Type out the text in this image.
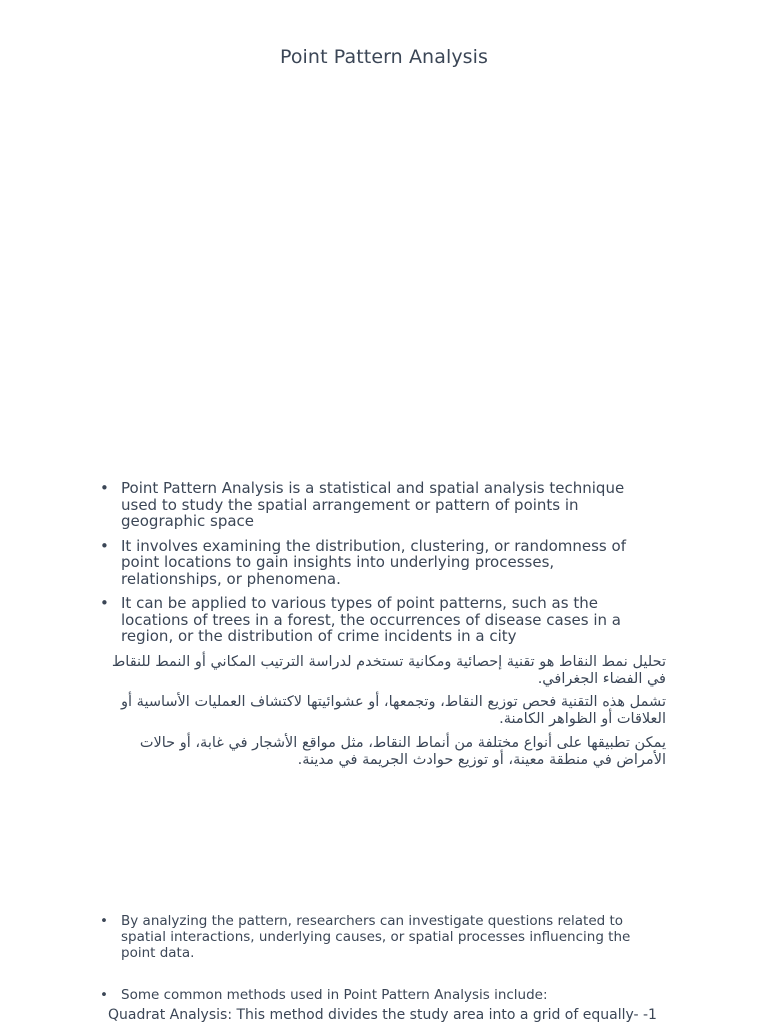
Point Pattern Analysis
• Point Pattern Analysis is a statistical and spatial analysis technique used to study the spatial arrangement or pattern of points in geographic space
• It involves examining the distribution, clustering, or randomness of point locations to gain insights into underlying processes, relationships, or phenomena.
• It can be applied to various types of point patterns, such as the locations of trees in a forest, the occurrences of disease cases in a region, or the distribution of crime incidents in a city
تحليل نمط النقاط هو تقنية إحصائية ومكانية تستخدم لدراسة الترتيب المكاني أو النمط للنقاط في الفضاء الجغرافي.
تشمل هذه التقنية فحص توزيع النقاط، وتجمعها، أو عشوائيتها لاكتشاف العمليات الأساسية أو العلاقات أو الظواهر الكامنة.
يمكن تطبيقها على أنواع مختلفة من أنماط النقاط، مثل مواقع الأشجار في غابة، أو حالات الأمراض في منطقة معينة، أو توزيع حوادث الجريمة في مدينة.
• By analyzing the pattern, researchers can investigate questions related to spatial interactions, underlying causes, or spatial processes influencing the point data.
• Some common methods used in Point Pattern Analysis include:
Quadrat Analysis: This method divides the study area into a grid of equally- -1
